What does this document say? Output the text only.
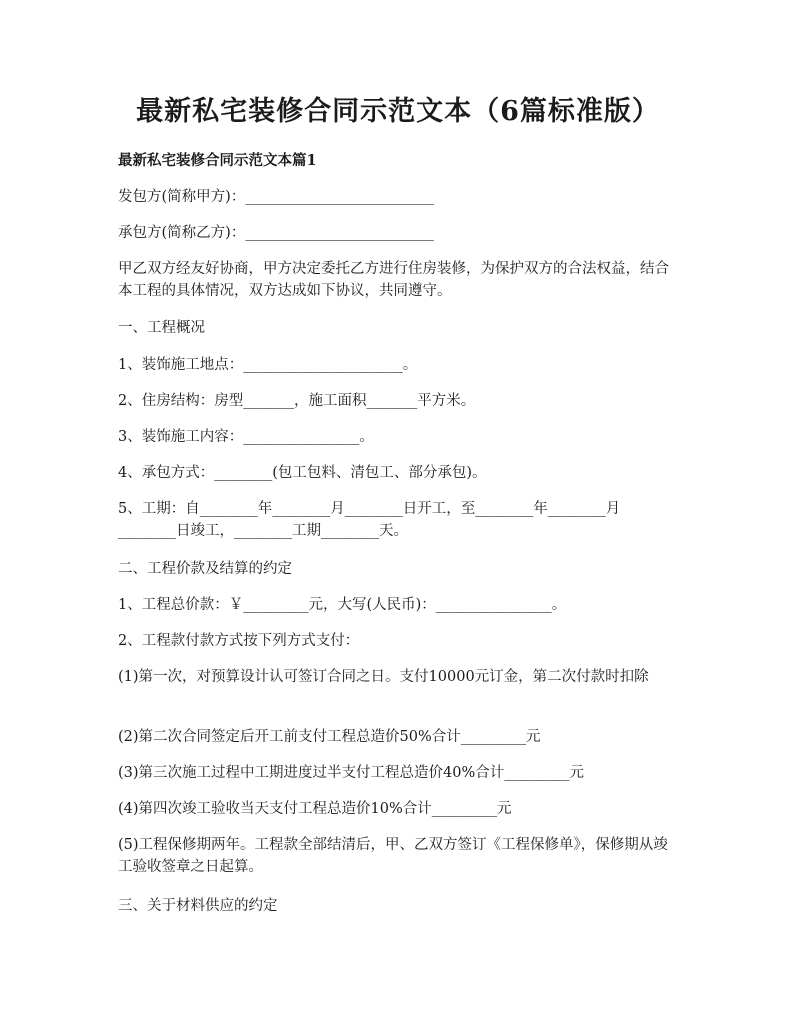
最新私宅装修合同示范文本（6篇标准版）
最新私宅装修合同示范文本篇1
发包方(简称甲方)：__________________________
承包方(简称乙方)：__________________________
甲乙双方经友好协商，甲方决定委托乙方进行住房装修，为保护双方的合法权益，结合本工程的具体情况，双方达成如下协议，共同遵守。
一、工程概况
1、装饰施工地点：______________________。
2、住房结构：房型_______，施工面积_______平方米。
3、装饰施工内容：________________。
4、承包方式：________(包工包料、清包工、部分承包)。
5、工期：自________年________月________日开工，至________年________月________日竣工，________工期________天。
二、工程价款及结算的约定
1、工程总价款：￥_________元，大写(人民币)：________________。
2、工程款付款方式按下列方式支付：
(1)第一次，对预算设计认可签订合同之日。支付10000元订金，第二次付款时扣除
(2)第二次合同签定后开工前支付工程总造价50%合计_________元
(3)第三次施工过程中工期进度过半支付工程总造价40%合计_________元
(4)第四次竣工验收当天支付工程总造价10%合计_________元
(5)工程保修期两年。工程款全部结清后，甲、乙双方签订《工程保修单》，保修期从竣工验收签章之日起算。
三、关于材料供应的约定
